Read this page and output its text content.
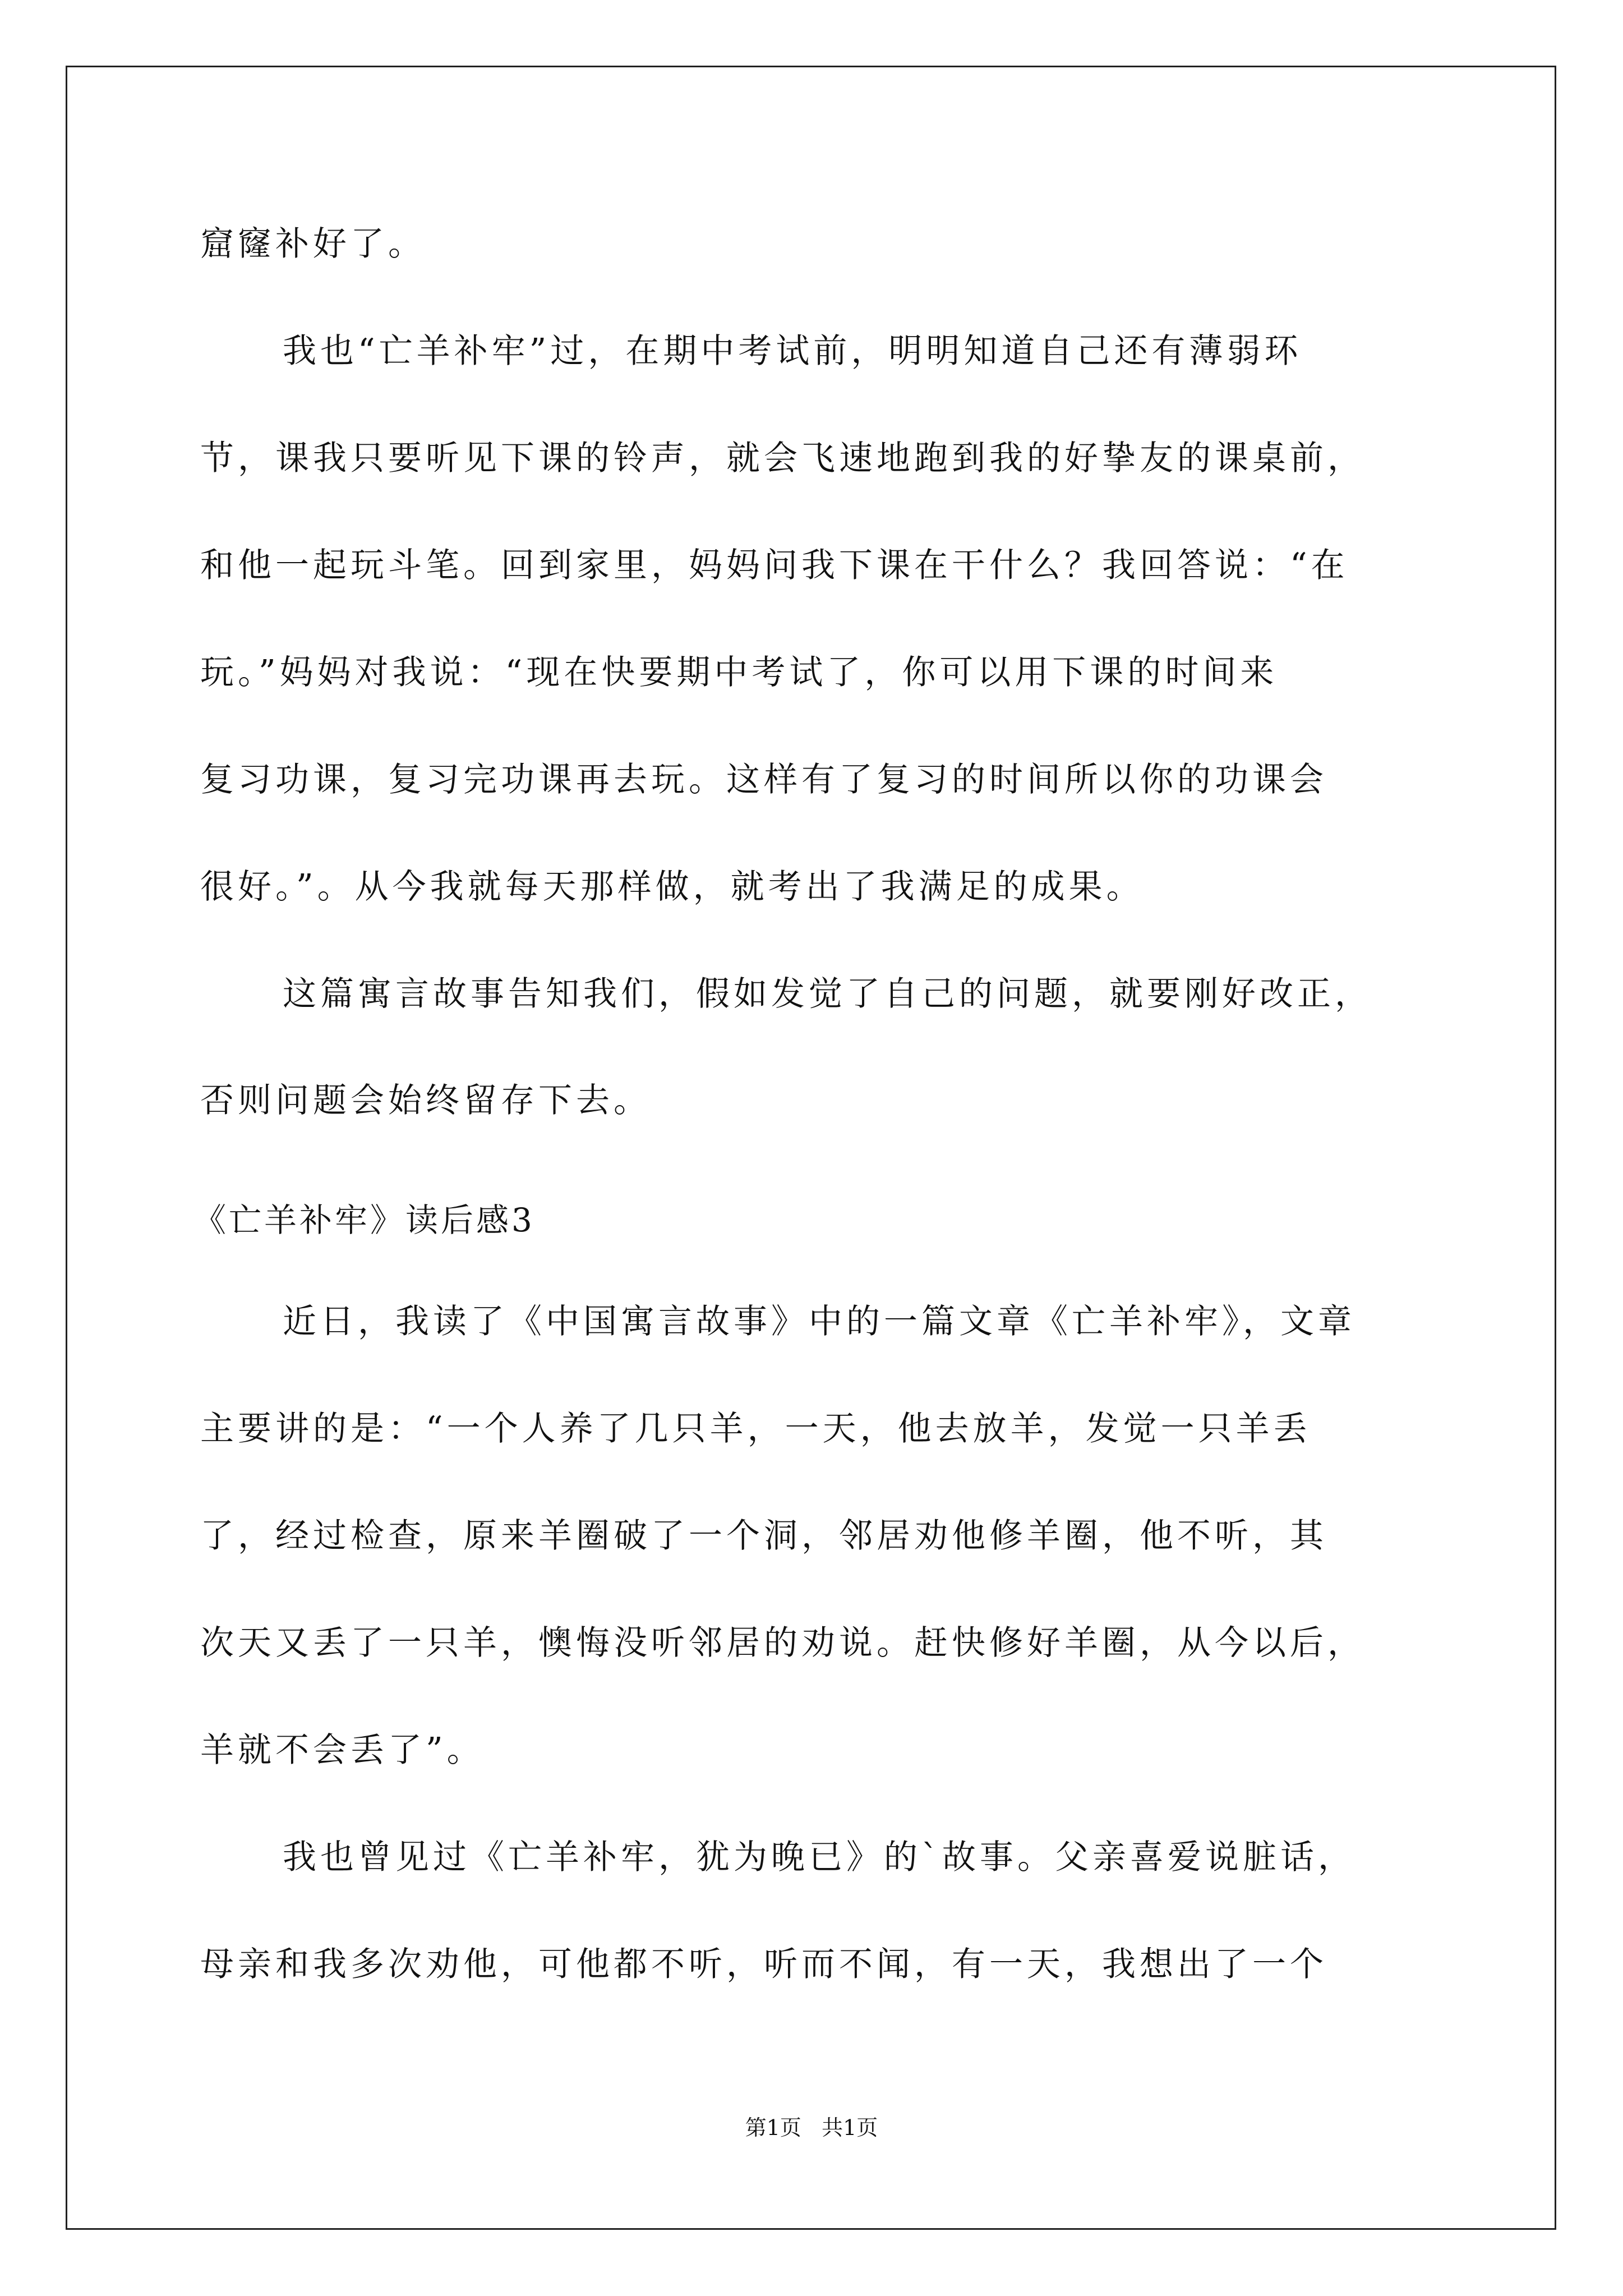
窟窿补好了。
我也“亡羊补牢”过，在期中考试前，明明知道自己还有薄弱环
节，课我只要听见下课的铃声，就会飞速地跑到我的好挚友的课桌前，
和他一起玩斗笔。回到家里，妈妈问我下课在干什么？我回答说：“在
玩。”妈妈对我说：“现在快要期中考试了，你可以用下课的时间来
复习功课，复习完功课再去玩。这样有了复习的时间所以你的功课会
很好。”。从今我就每天那样做，就考出了我满足的成果。
这篇寓言故事告知我们，假如发觉了自己的问题，就要刚好改正，
否则问题会始终留存下去。
《亡羊补牢》读后感3
近日，我读了《中国寓言故事》中的一篇文章《亡羊补牢》，文章
主要讲的是：“一个人养了几只羊，一天，他去放羊，发觉一只羊丢
了，经过检查，原来羊圈破了一个洞，邻居劝他修羊圈，他不听，其
次天又丢了一只羊，懊悔没听邻居的劝说。赶快修好羊圈，从今以后，
羊就不会丢了”。
我也曾见过《亡羊补牢，犹为晚已》的`故事。父亲喜爱说脏话，
母亲和我多次劝他，可他都不听，听而不闻，有一天，我想出了一个
第1页   共1页
